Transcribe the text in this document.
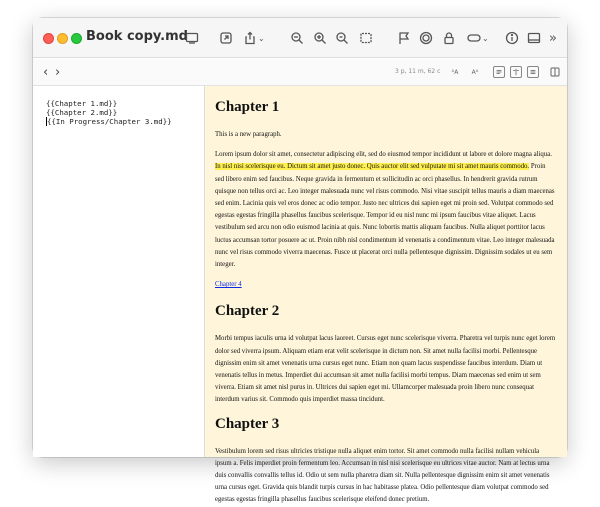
Book copy.md	⌄	⌄	»
‹ ›	3 p, 11 m, 62 c	ᴬA	Aᴬ
{{Chapter 1.md}}
{{Chapter 2.md}}
{{In Progress/Chapter 3.md}}
Chapter 1

This is a new paragraph.

Lorem ipsum dolor sit amet, consectetur adipiscing elit, sed do eiusmod tempor incididunt ut labore et dolore magna aliqua. In nisl nisi scelerisque eu. Dictum sit amet justo donec. Quis auctor elit sed vulputate mi sit amet mauris commodo. Proin sed libero enim sed faucibus. Neque gravida in fermentum et sollicitudin ac orci phasellus. In hendrerit gravida rutrum quisque non tellus orci ac. Leo integer malesuada nunc vel risus commodo. Nisi vitae suscipit tellus mauris a diam maecenas sed enim. Lacinia quis vel eros donec ac odio tempor. Justo nec ultrices dui sapien eget mi proin sed. Volutpat commodo sed egestas egestas fringilla phasellus faucibus scelerisque. Tempor id eu nisl nunc mi ipsum faucibus vitae aliquet. Lacus vestibulum sed arcu non odio euismod lacinia at quis. Nunc lobortis mattis aliquam faucibus. Nulla aliquet porttitor lacus luctus accumsan tortor posuere ac ut. Proin nibh nisl condimentum id venenatis a condimentum vitae. Leo integer malesuada nunc vel risus commodo viverra maecenas. Fusce ut placerat orci nulla pellentesque dignissim. Dignissim sodales ut eu sem integer.

Chapter 4

Chapter 2

Morbi tempus iaculis urna id volutpat lacus laoreet. Cursus eget nunc scelerisque viverra. Pharetra vel turpis nunc eget lorem dolor sed viverra ipsum. Aliquam etiam erat velit scelerisque in dictum non. Sit amet nulla facilisi morbi. Pellentesque dignissim enim sit amet venenatis urna cursus eget nunc. Etiam non quam lacus suspendisse faucibus interdum. Diam ut venenatis tellus in metus. Imperdiet dui accumsan sit amet nulla facilisi morbi tempus. Diam maecenas sed enim ut sem viverra. Etiam sit amet nisl purus in. Ultrices dui sapien eget mi. Ullamcorper malesuada proin libero nunc consequat interdum varius sit. Commodo quis imperdiet massa tincidunt.

Chapter 3

Vestibulum lorem sed risus ultricies tristique nulla aliquet enim tortor. Sit amet commodo nulla facilisi nullam vehicula ipsum a. Felis imperdiet proin fermentum leo. Accumsan in nisl nisi scelerisque eu ultrices vitae auctor. Nam at lectus urna duis convallis convallis tellus id. Odio ut sem nulla pharetra diam sit. Nulla pellentesque dignissim enim sit amet venenatis urna cursus eget. Gravida quis blandit turpis cursus in hac habitasse platea. Odio pellentesque diam volutpat commodo sed egestas egestas fringilla phasellus faucibus scelerisque eleifend donec pretium.
